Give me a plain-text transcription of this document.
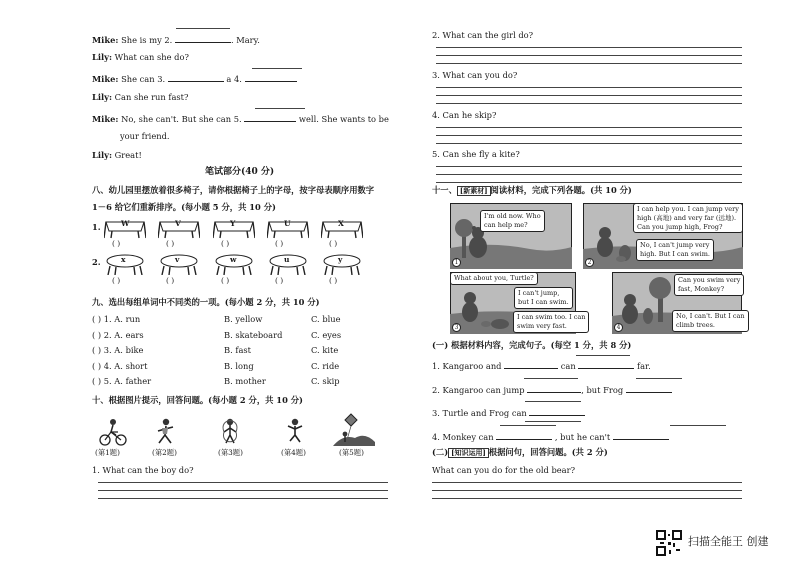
Mike: She is my 2.	. Mary.
Lily: What can she do?
Mike: She can 3.	a 4.
Lily: Can she run fast?
Mike: No, she can't. But she can 5.	well. She wants to be
your friend.
Lily: Great!
笔试部分(40 分)
八、幼儿园里摆放着很多椅子，请你根据椅子上的字母，按字母表顺序用数字
1－6 给它们重新排序。(每小题 5 分，共 10 分)
1.
2.
W
( )
V
( )
Y
( )
U
( )
X
( )
x
( )
v
( )
w
( )
u
( )
y
( )
九、选出每组单词中不同类的一项。(每小题 2 分，共 10 分)
( ) 1. A. run	B. yellow	C. blue
( ) 2. A. ears	B. skateboard	C. eyes
( ) 3. A. bike	B. fast	C. kite
( ) 4. A. short	B. long	C. ride
( ) 5. A. father	B. mother	C. skip
十、根据图片提示，回答问题。(每小题 2 分，共 10 分)
(第1题)	(第2题)	(第3题)	(第4题)	(第5题)
1. What can the boy do?
2. What can the girl do?
3. What can you do?
4. Can he skip?
5. Can she fly a kite?
十一、 [新素材] 阅读材料，完成下列各题。(共 10 分)
I'm old now. Who
can help me?
1
I can help you. I can jump very
high (高地) and very far (远地).
Can you jump high, Frog?
No, I can't jump very
high. But I can swim.
2
What about you, Turtle?
I can't jump,
but I can swim.
I can swim too. I can
swim very fast.
3
Can you swim very
fast, Monkey?
No, I can't. But I can
climb trees.
4
(一) 根据材料内容，完成句子。(每空 1 分，共 8 分)
1. Kangaroo and	can	far.
2. Kangaroo can jump	, but Frog
3. Turtle and Frog can
4. Monkey can	, but he can't
(二) [知识运用] 根据问句，回答问题。(共 2 分)
What can you do for the old bear?
扫描全能王 创建
